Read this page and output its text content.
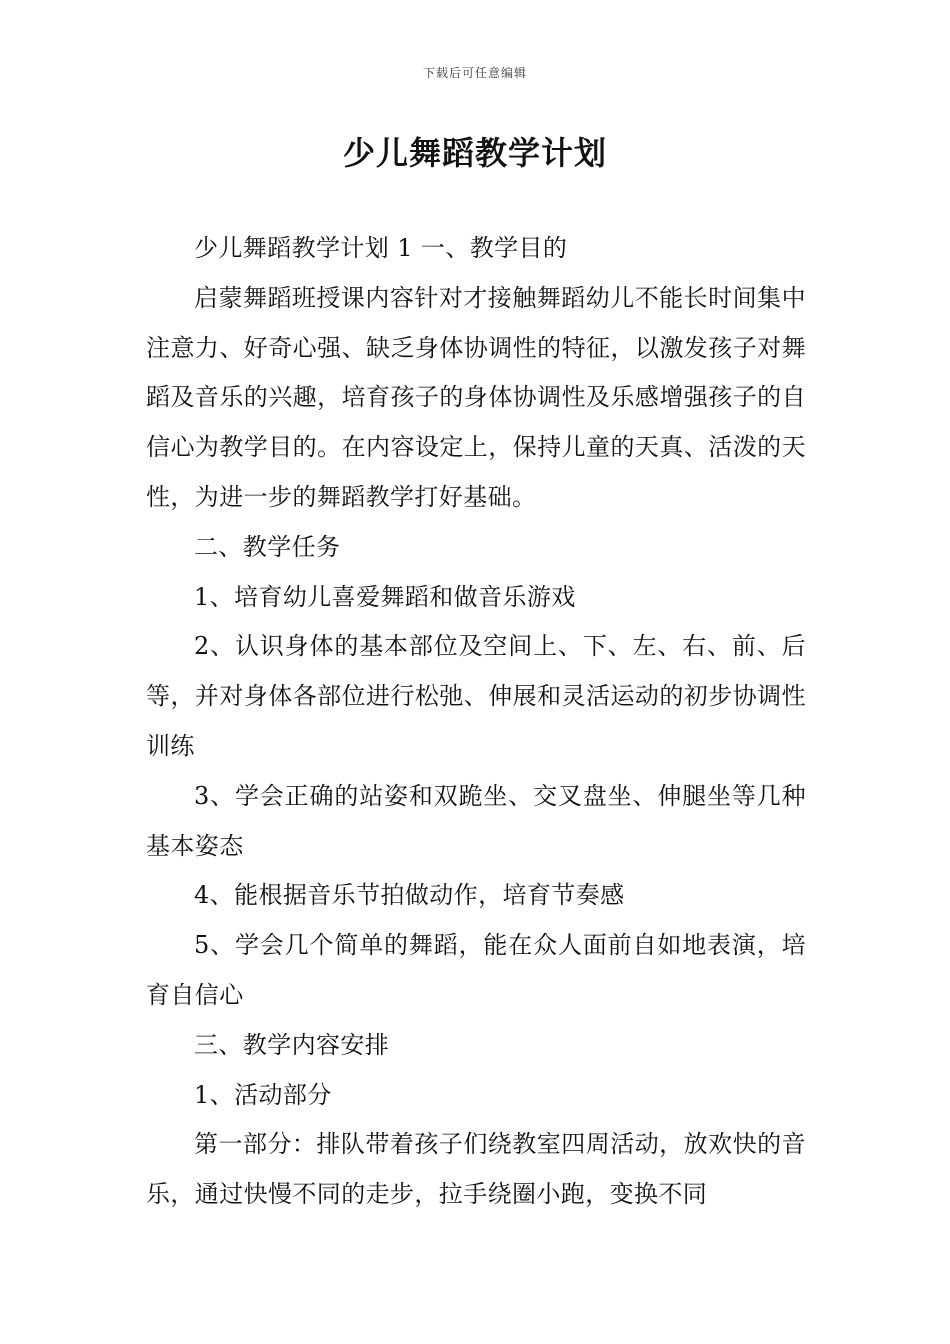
下载后可任意编辑
少儿舞蹈教学计划

少儿舞蹈教学计划 1 一、教学目的

启蒙舞蹈班授课内容针对才接触舞蹈幼儿不能长时间集中注意力、好奇心强、缺乏身体协调性的特征，以激发孩子对舞蹈及音乐的兴趣，培育孩子的身体协调性及乐感增强孩子的自信心为教学目的。在内容设定上，保持儿童的天真、活泼的天性，为进一步的舞蹈教学打好基础。

二、教学任务

1、培育幼儿喜爱舞蹈和做音乐游戏

2、认识身体的基本部位及空间上、下、左、右、前、后等，并对身体各部位进行松弛、伸展和灵活运动的初步协调性训练

3、学会正确的站姿和双跪坐、交叉盘坐、伸腿坐等几种基本姿态

4、能根据音乐节拍做动作，培育节奏感

5、学会几个简单的舞蹈，能在众人面前自如地表演，培育自信心

三、教学内容安排

1、活动部分

第一部分：排队带着孩子们绕教室四周活动，放欢快的音乐，通过快慢不同的走步，拉手绕圈小跑，变换不同
